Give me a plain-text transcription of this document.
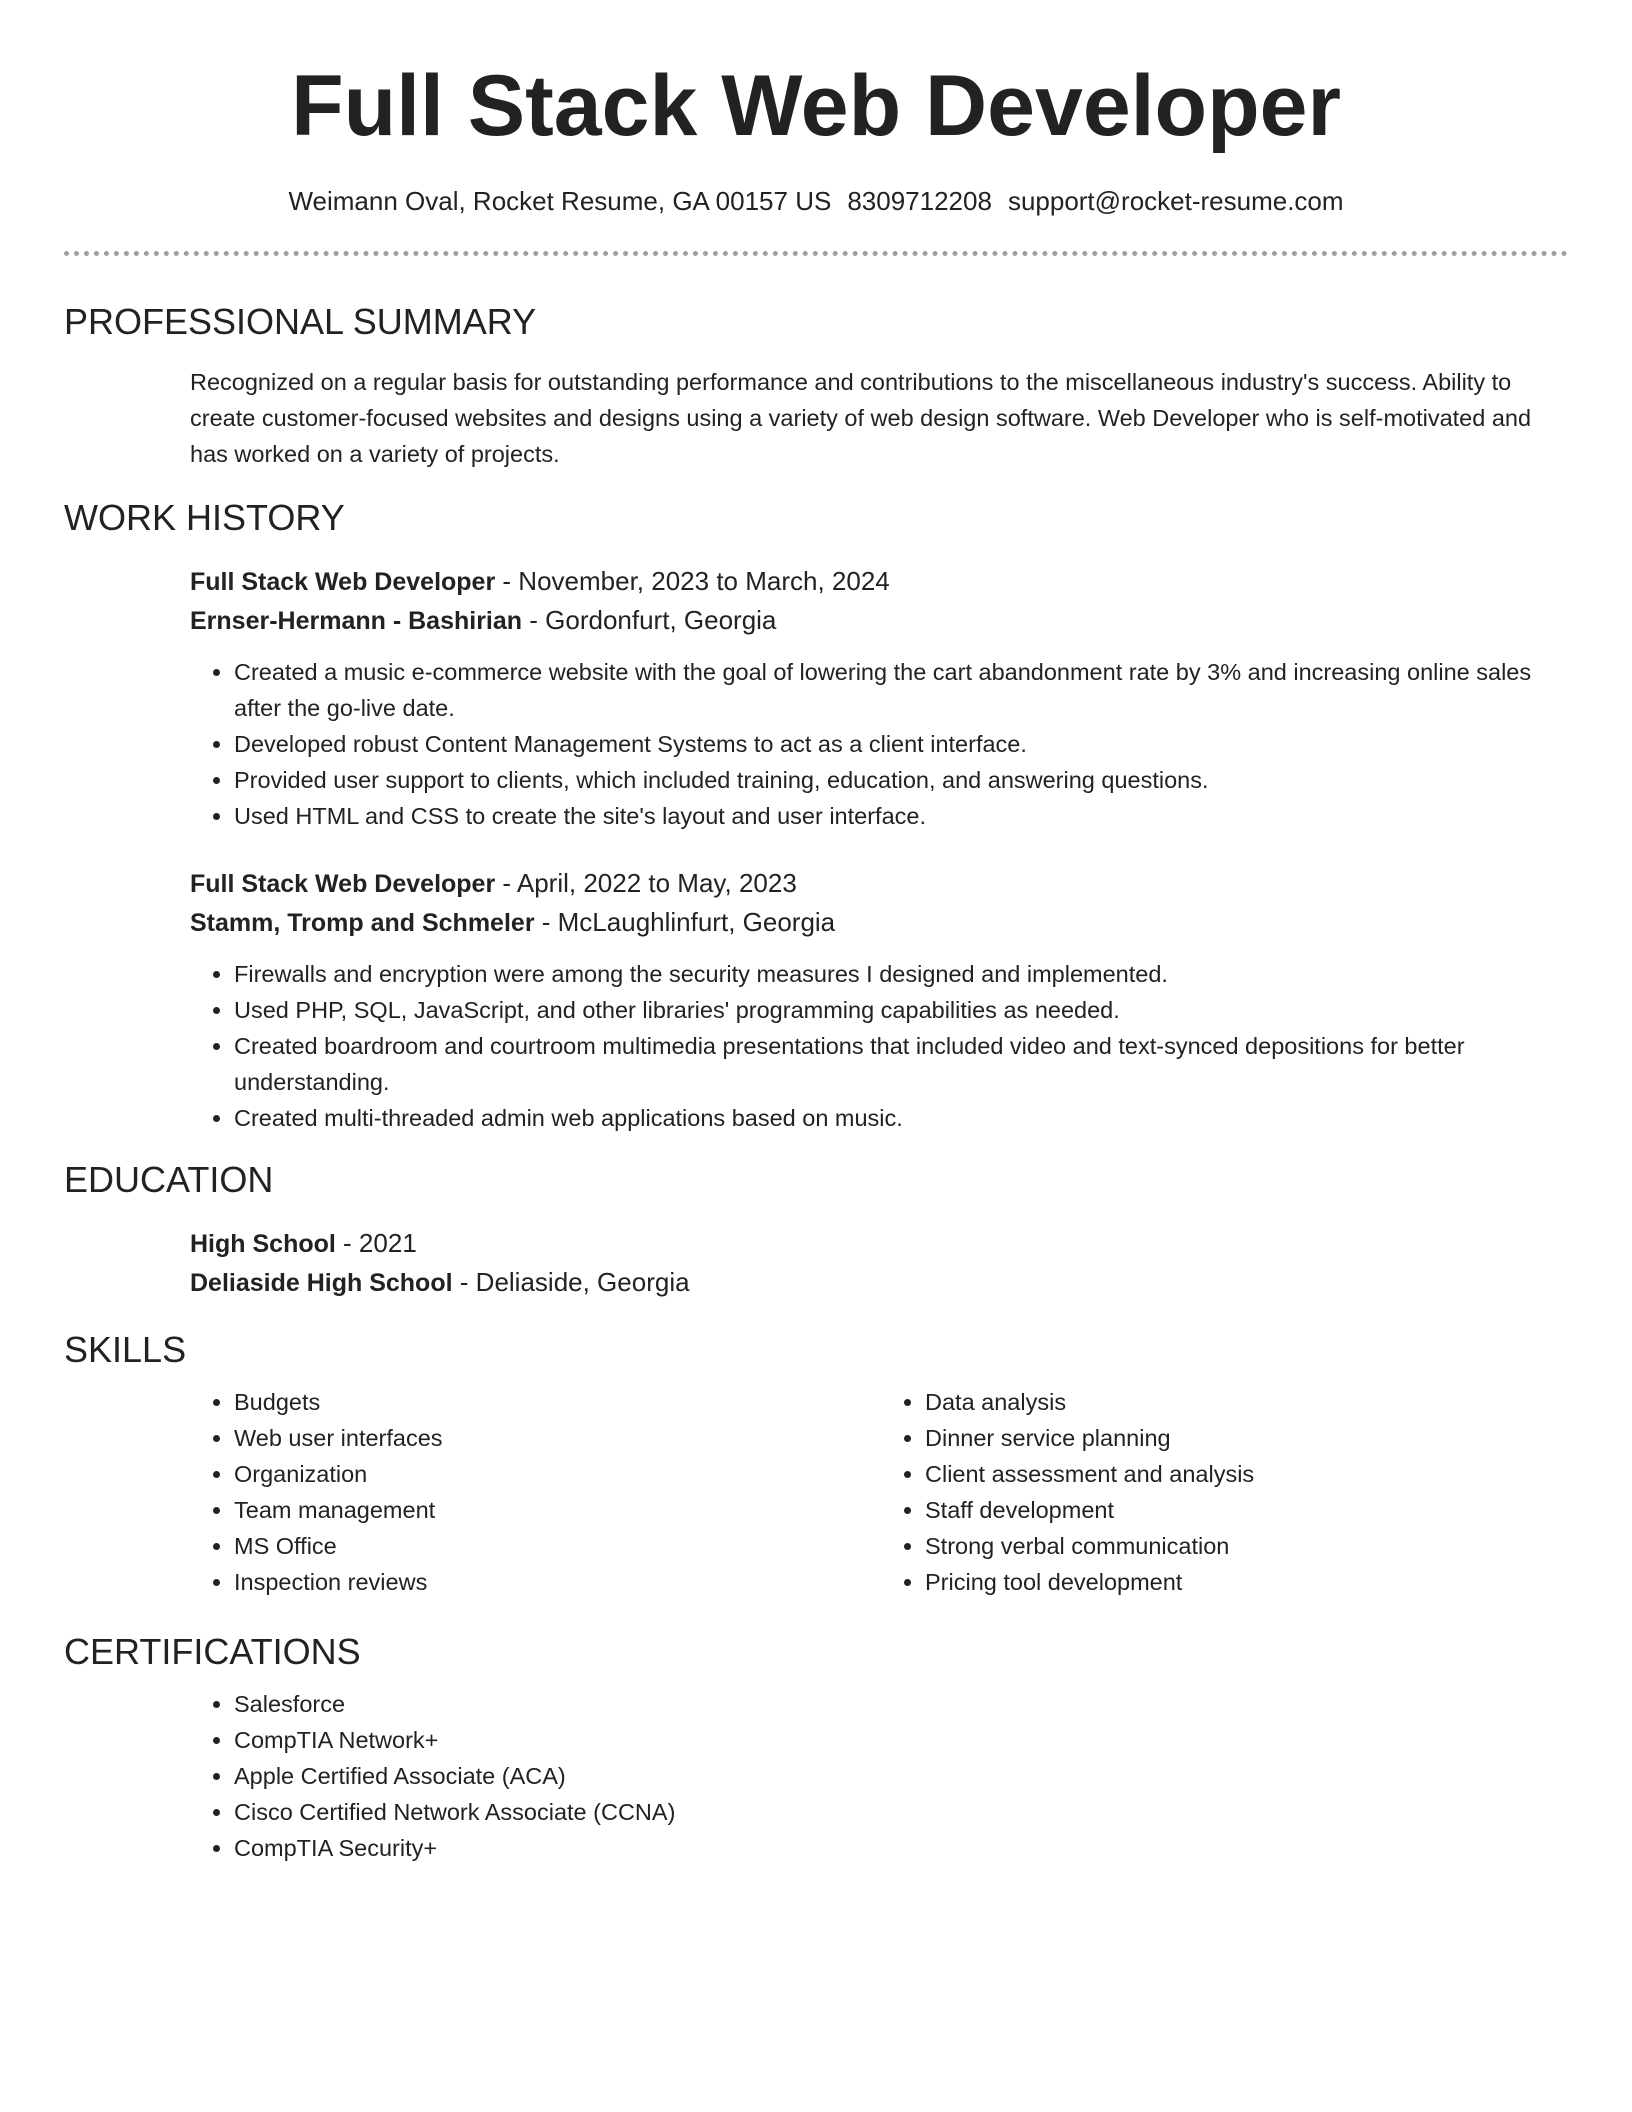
Full Stack Web Developer
Weimann Oval, Rocket Resume, GA 00157 US 8309712208 support@rocket-resume.com
PROFESSIONAL SUMMARY

Recognized on a regular basis for outstanding performance and contributions to the miscellaneous industry's success. Ability to create customer-focused websites and designs using a variety of web design software. Web Developer who is self-motivated and has worked on a variety of projects.

WORK HISTORY
Full Stack Web Developer - November, 2023 to March, 2024
Ernser-Hermann - Bashirian - Gordonfurt, Georgia
• Created a music e-commerce website with the goal of lowering the cart abandonment rate by 3% and increasing online sales after the go-live date.
• Developed robust Content Management Systems to act as a client interface.
• Provided user support to clients, which included training, education, and answering questions.
• Used HTML and CSS to create the site's layout and user interface.
Full Stack Web Developer - April, 2022 to May, 2023
Stamm, Tromp and Schmeler - McLaughlinfurt, Georgia
• Firewalls and encryption were among the security measures I designed and implemented.
• Used PHP, SQL, JavaScript, and other libraries' programming capabilities as needed.
• Created boardroom and courtroom multimedia presentations that included video and text-synced depositions for better understanding.
• Created multi-threaded admin web applications based on music.
EDUCATION
High School - 2021
Deliaside High School - Deliaside, Georgia
SKILLS
• Budgets
• Web user interfaces
• Organization
• Team management
• MS Office
• Inspection reviews
• Data analysis
• Dinner service planning
• Client assessment and analysis
• Staff development
• Strong verbal communication
• Pricing tool development
CERTIFICATIONS
• Salesforce
• CompTIA Network+
• Apple Certified Associate (ACA)
• Cisco Certified Network Associate (CCNA)
• CompTIA Security+
